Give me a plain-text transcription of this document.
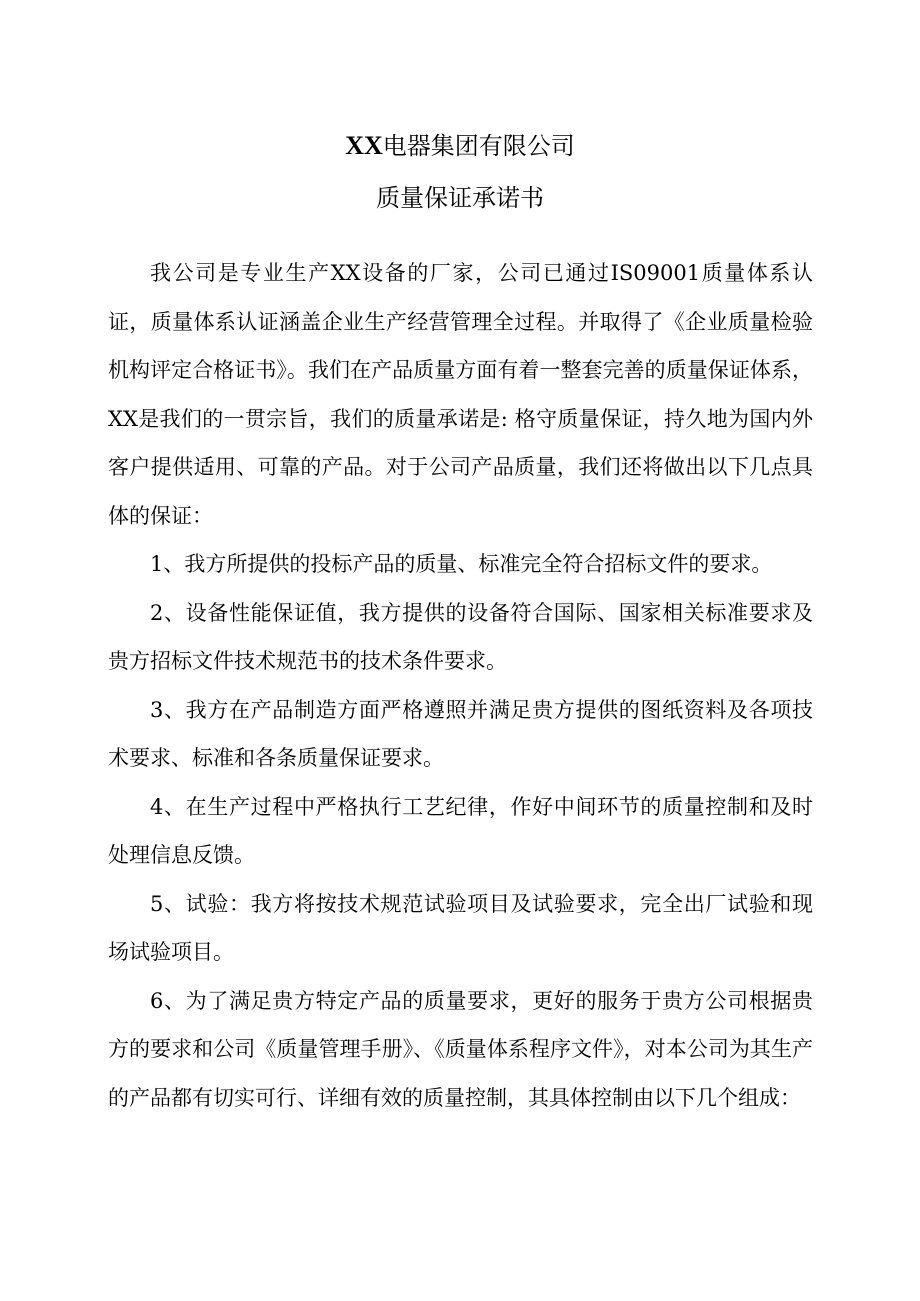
XX电器集团有限公司
质量保证承诺书

我公司是专业生产XX设备的厂家，公司已通过IS09001质量体系认证，质量体系认证涵盖企业生产经营管理全过程。并取得了《企业质量检验机构评定合格证书》。我们在产品质量方面有着一整套完善的质量保证体系，XX是我们的一贯宗旨，我们的质量承诺是: 格守质量保证，持久地为国内外客户提供适用、可靠的产品。对于公司产品质量，我们还将做出以下几点具体的保证：

1、我方所提供的投标产品的质量、标准完全符合招标文件的要求。

2、设备性能保证值，我方提供的设备符合国际、国家相关标准要求及贵方招标文件技术规范书的技术条件要求。

3、我方在产品制造方面严格遵照并满足贵方提供的图纸资料及各项技术要求、标准和各条质量保证要求。

4、在生产过程中严格执行工艺纪律，作好中间环节的质量控制和及时处理信息反馈。

5、试验：我方将按技术规范试验项目及试验要求，完全出厂试验和现场试验项目。

6、为了满足贵方特定产品的质量要求，更好的服务于贵方公司根据贵方的要求和公司《质量管理手册》、《质量体系程序文件》，对本公司为其生产的产品都有切实可行、详细有效的质量控制，其具体控制由以下几个组成：
